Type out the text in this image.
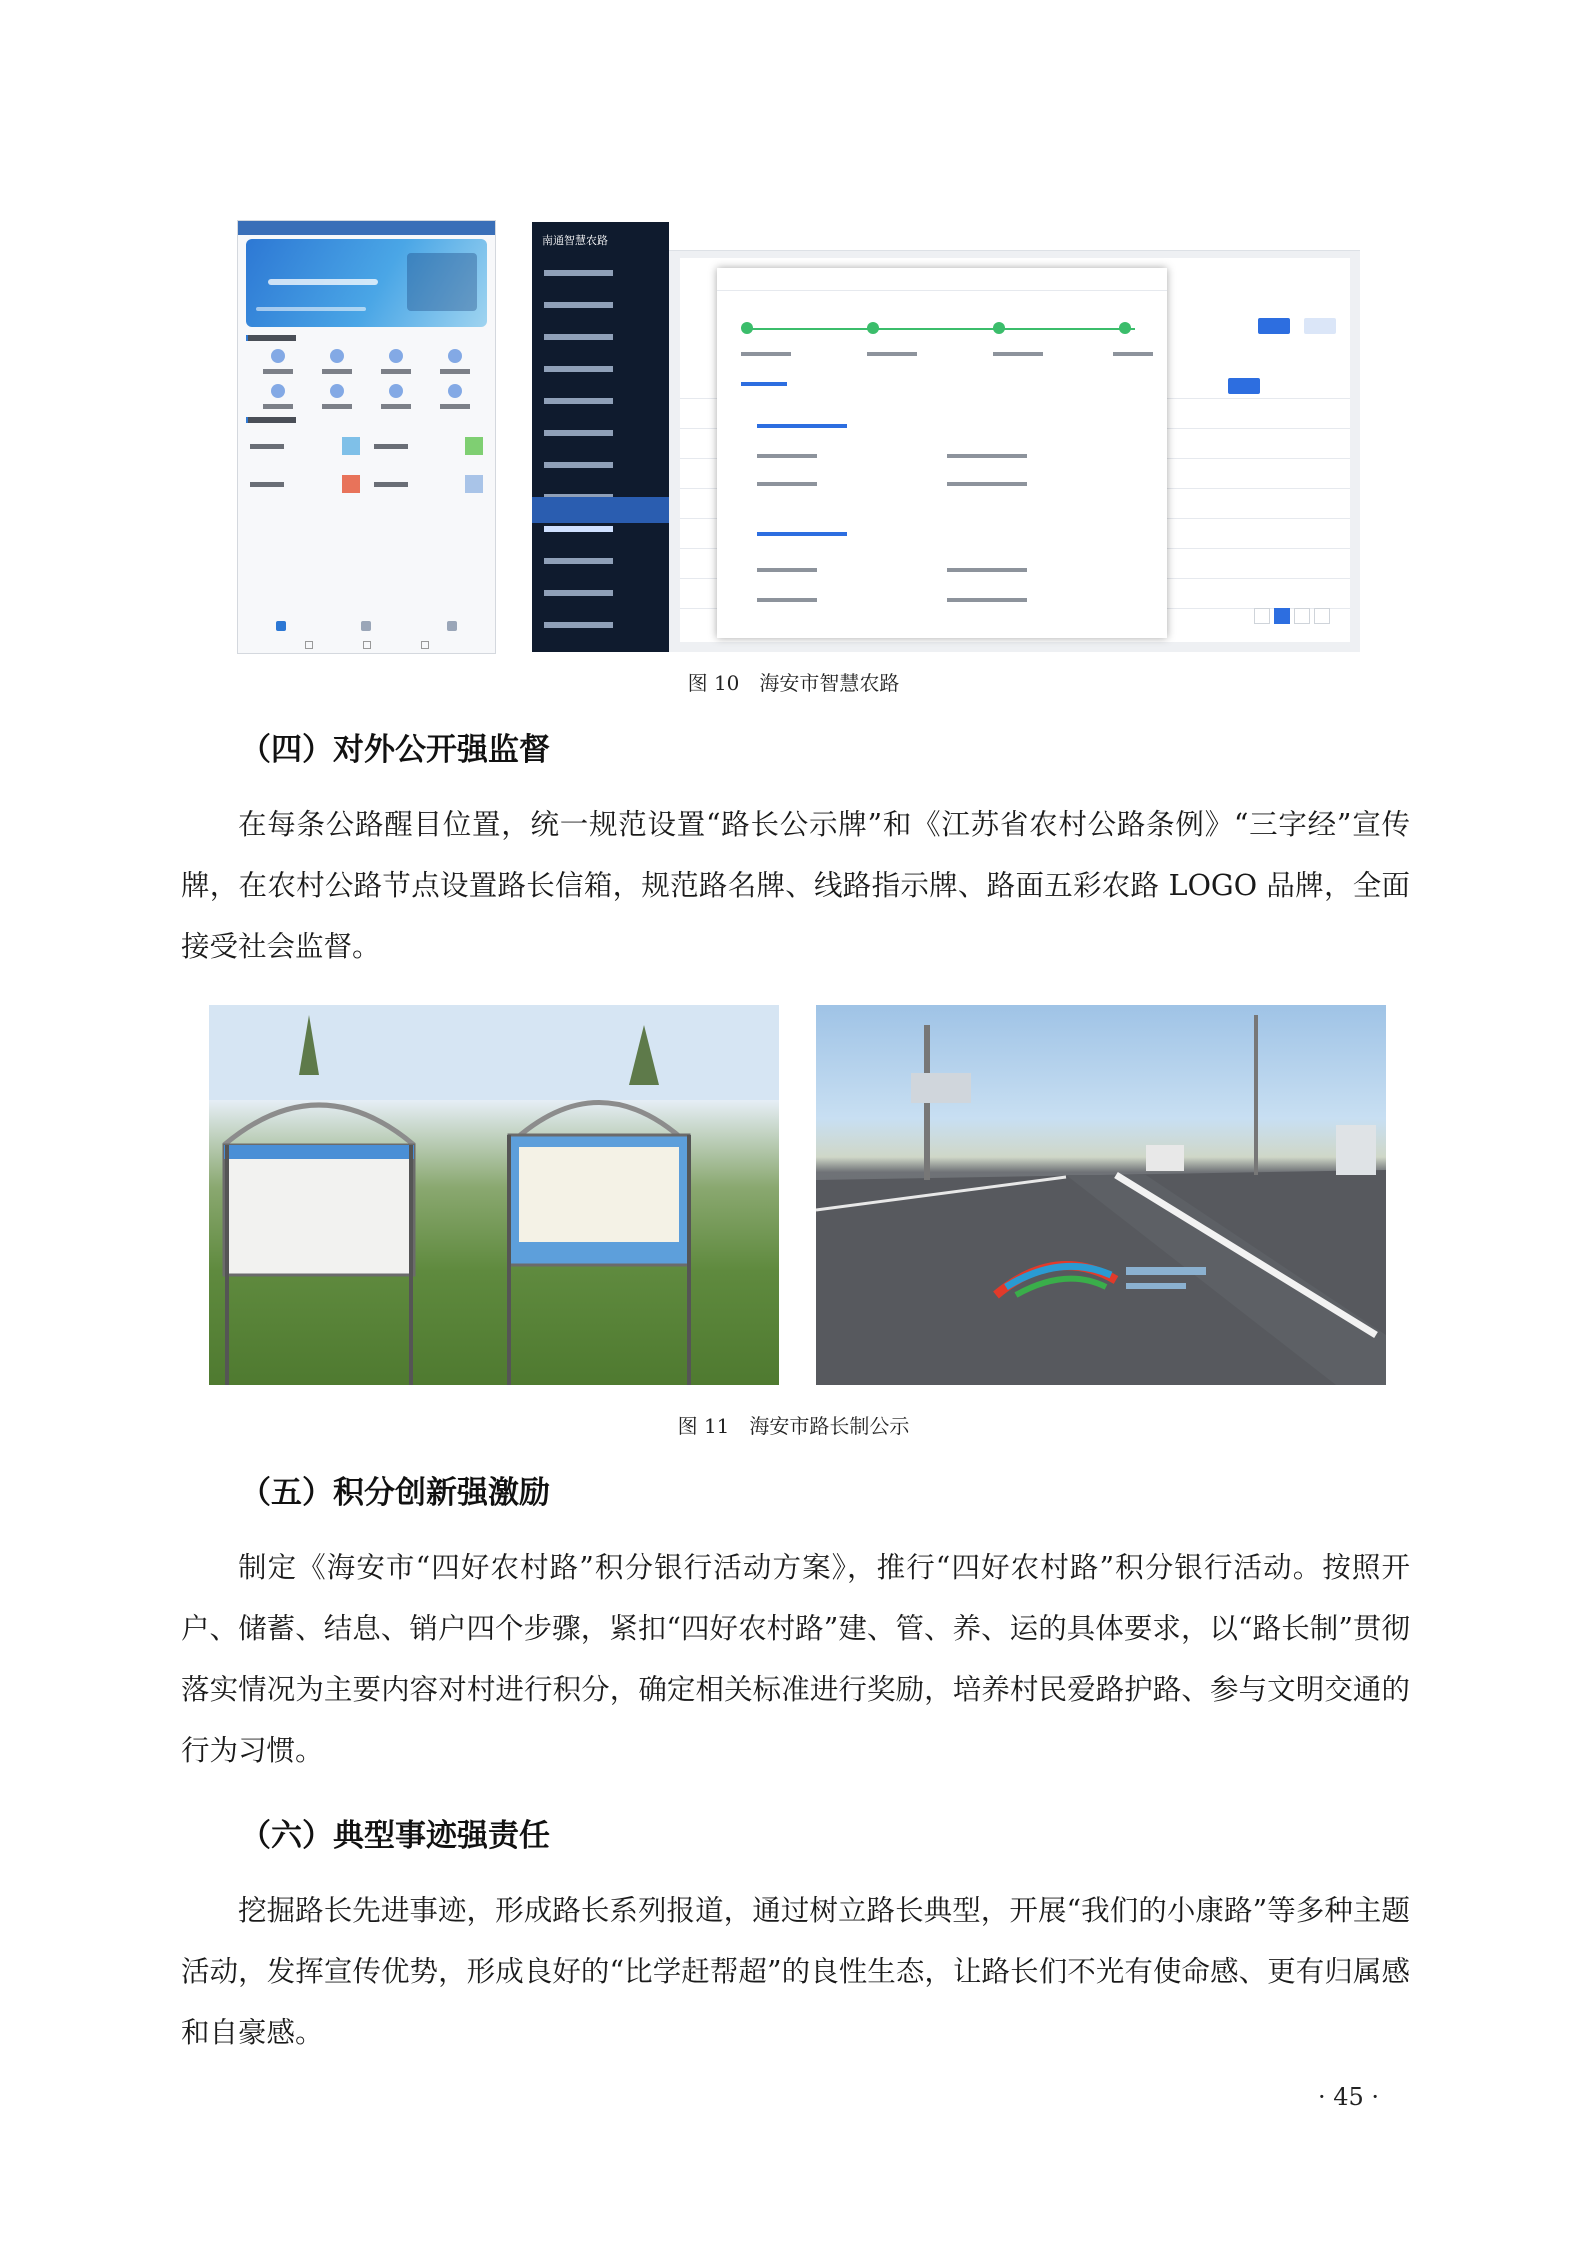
南通智慧农路
图 10　海安市智慧农路
（四）对外公开强监督

在每条公路醒目位置，统一规范设置“路长公示牌”和《江苏省农村公路条例》“三字经”宣传牌，在农村公路节点设置路长信箱，规范路名牌、线路指示牌、路面五彩农路 LOGO 品牌，全面接受社会监督。

图 11　海安市路长制公示
（五）积分创新强激励

制定《海安市“四好农村路”积分银行活动方案》，推行“四好农村路”积分银行活动。按照开户、储蓄、结息、销户四个步骤，紧扣“四好农村路”建、管、养、运的具体要求，以“路长制”贯彻落实情况为主要内容对村进行积分，确定相关标准进行奖励，培养村民爱路护路、参与文明交通的行为习惯。

（六）典型事迹强责任

挖掘路长先进事迹，形成路长系列报道，通过树立路长典型，开展“我们的小康路”等多种主题活动，发挥宣传优势，形成良好的“比学赶帮超”的良性生态，让路长们不光有使命感、更有归属感和自豪感。

· 45 ·
